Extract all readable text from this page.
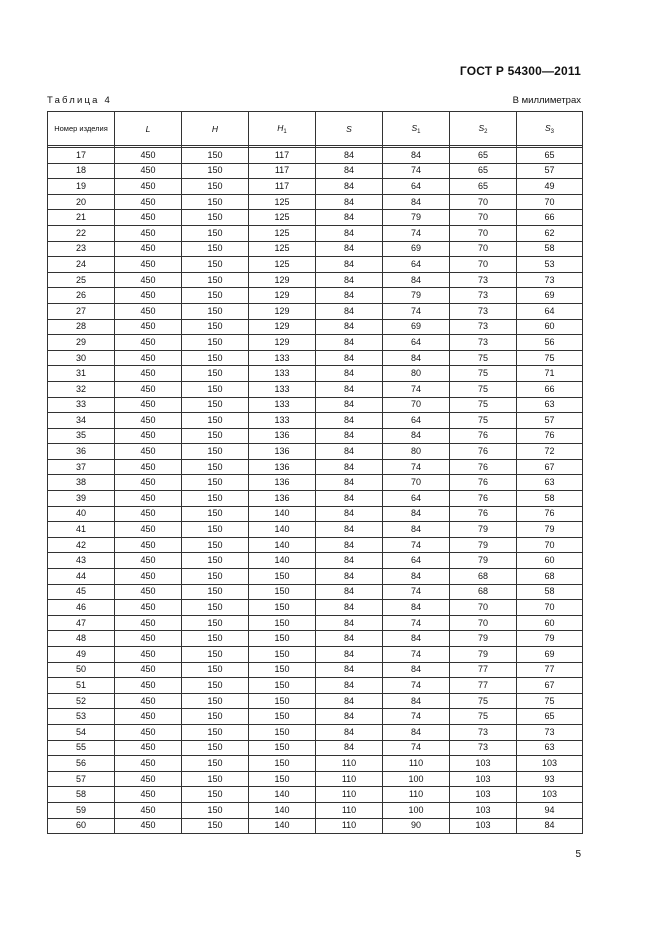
ГОСТ Р 54300—2011
Таблица 4	В миллиметрах
Номер изделия	L	H	$H_1$	S	$S_1$	$S_2$	$S_3$

17	450	150	117	84	84	65	65
18	450	150	117	84	74	65	57
19	450	150	117	84	64	65	49
20	450	150	125	84	84	70	70
21	450	150	125	84	79	70	66
22	450	150	125	84	74	70	62
23	450	150	125	84	69	70	58
24	450	150	125	84	64	70	53
25	450	150	129	84	84	73	73
26	450	150	129	84	79	73	69
27	450	150	129	84	74	73	64
28	450	150	129	84	69	73	60
29	450	150	129	84	64	73	56
30	450	150	133	84	84	75	75
31	450	150	133	84	80	75	71
32	450	150	133	84	74	75	66
33	450	150	133	84	70	75	63
34	450	150	133	84	64	75	57
35	450	150	136	84	84	76	76
36	450	150	136	84	80	76	72
37	450	150	136	84	74	76	67
38	450	150	136	84	70	76	63
39	450	150	136	84	64	76	58
40	450	150	140	84	84	76	76
41	450	150	140	84	84	79	79
42	450	150	140	84	74	79	70
43	450	150	140	84	64	79	60
44	450	150	150	84	84	68	68
45	450	150	150	84	74	68	58
46	450	150	150	84	84	70	70
47	450	150	150	84	74	70	60
48	450	150	150	84	84	79	79
49	450	150	150	84	74	79	69
50	450	150	150	84	84	77	77
51	450	150	150	84	74	77	67
52	450	150	150	84	84	75	75
53	450	150	150	84	74	75	65
54	450	150	150	84	84	73	73
55	450	150	150	84	74	73	63
56	450	150	150	110	110	103	103
57	450	150	150	110	100	103	93
58	450	150	140	110	110	103	103
59	450	150	140	110	100	103	94
60	450	150	140	110	90	103	84
5
